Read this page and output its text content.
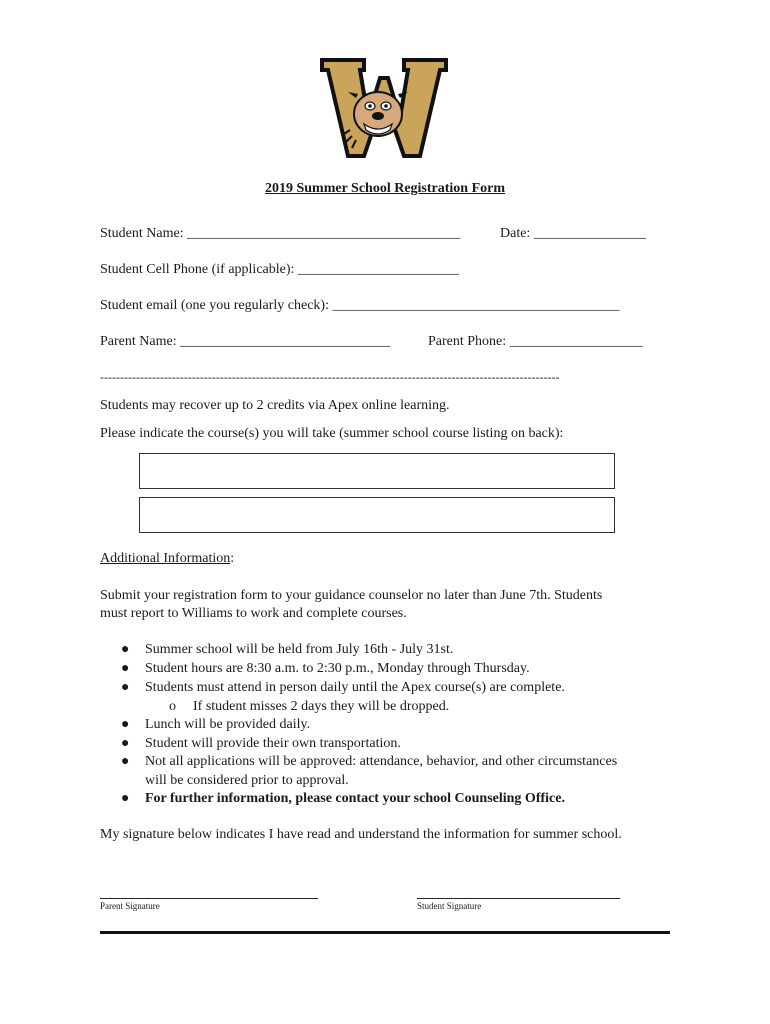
2019 Summer School Registration Form
Student Name: _______________________________________	Date: ________________
Student Cell Phone (if applicable): _______________________
Student email (one you regularly check): _________________________________________
Parent Name: ______________________________	Parent Phone: ___________________
-------------------------------------------------------------------------------------------------------------------
Students may recover up to 2 credits via Apex online learning.
Please indicate the course(s) you will take (summer school course listing on back):
Additional Information:
Submit your registration form to your guidance counselor no later than June 7th. Students
must report to Williams to work and complete courses.
●	Summer school will be held from July 16th - July 31st.
●	Student hours are 8:30 a.m. to 2:30 p.m., Monday through Thursday.
●	Students must attend in person daily until the Apex course(s) are complete.
o	If student misses 2 days they will be dropped.
●	Lunch will be provided daily.
●	Student will provide their own transportation.
●	Not all applications will be approved: attendance, behavior, and other circumstances
will be considered prior to approval.
●	For further information, please contact your school Counseling Office.
My signature below indicates I have read and understand the information for summer school.
Parent Signature	Student Signature
